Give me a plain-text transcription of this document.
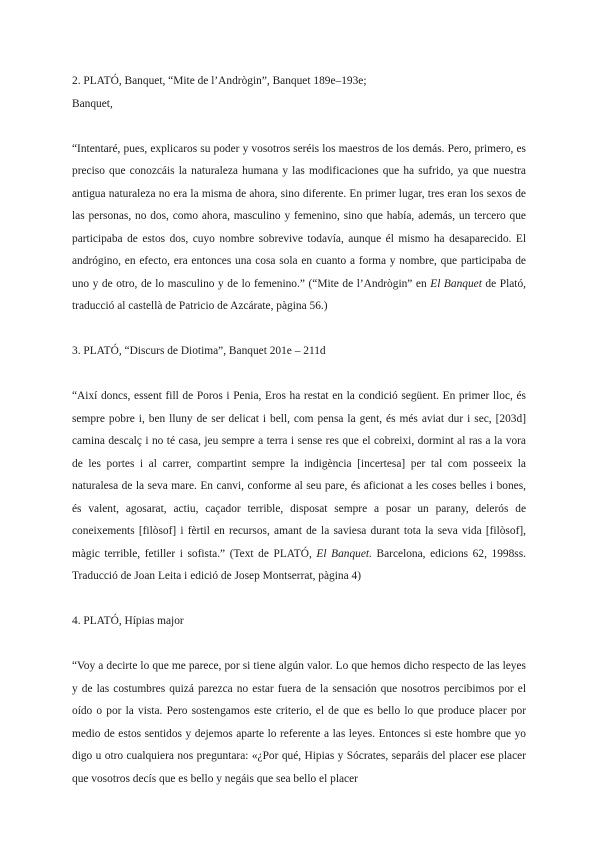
2. PLATÓ, Banquet, “Mite de l’Andrògin”, Banquet 189e–193e;

Banquet,

“Intentaré, pues, explicaros su poder y vosotros seréis los maestros de los demás. Pero, primero, es preciso que conozcáis la naturaleza humana y las modificaciones que ha sufrido, ya que nuestra antigua naturaleza no era la misma de ahora, sino diferente. En primer lugar, tres eran los sexos de las personas, no dos, como ahora, masculino y femenino, sino que había, además, un tercero que participaba de estos dos, cuyo nombre sobrevive todavía, aunque él mismo ha desaparecido. El andrógino, en efecto, era entonces una cosa sola en cuanto a forma y nombre, que participaba de uno y de otro, de lo masculino y de lo femenino.” (“Mite de l’Andrògin” en El Banquet de Plató, traducció al castellà de Patricio de Azcárate, pàgina 56.)

3. PLATÓ, “Discurs de Diotima”, Banquet 201e – 211d

“Així doncs, essent fill de Poros i Penia, Eros ha restat en la condició següent. En primer lloc, és sempre pobre i, ben lluny de ser delicat i bell, com pensa la gent, és més aviat dur i sec, [203d] camina descalç i no té casa, jeu sempre a terra i sense res que el cobreixi, dormint al ras a la vora de les portes i al carrer, compartint sempre la indigència [incertesa] per tal com posseeix la naturalesa de la seva mare. En canvi, conforme al seu pare, és aficionat a les coses belles i bones, és valent, agosarat, actiu, caçador terrible, disposat sempre a posar un parany, delerós de coneixements [filòsof] i fèrtil en recursos, amant de la saviesa durant tota la seva vida [filòsof], màgic terrible, fetiller i sofista.” (Text de PLATÓ, El Banquet. Barcelona, edicions 62, 1998ss. Traducció de Joan Leita i edició de Josep Montserrat, pàgina 4)

4. PLATÓ, Hípias major

“Voy a decirte lo que me parece, por si tiene algún valor. Lo que hemos dicho respecto de las leyes y de las costumbres quizá parezca no estar fuera de la sensación que nosotros percibimos por el oído o por la vista. Pero sostengamos este criterio, el de que es bello lo que produce placer por medio de estos sentidos y dejemos aparte lo referente a las leyes. Entonces si este hombre que yo digo u otro cualquiera nos preguntara: «¿Por qué, Hipias y Sócrates, separáis del placer ese placer que vosotros decís que es bello y negáis que sea bello el placer
